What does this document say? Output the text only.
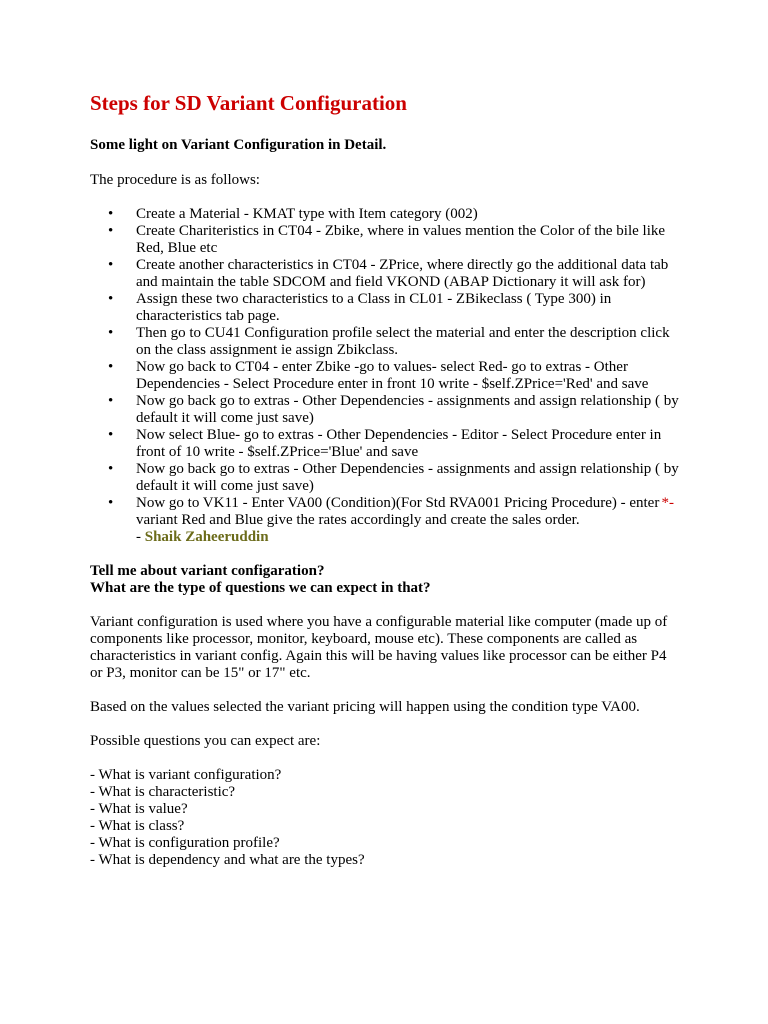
Steps for SD Variant Configuration
Some light on Variant Configuration in Detail.
The procedure is as follows:
• Create a Material - KMAT type with Item category (002)
• Create Chariteristics in CT04 - Zbike, where in values mention the Color of the bile like Red, Blue etc
• Create another characteristics in CT04 - ZPrice, where directly go the additional data tab and maintain the table SDCOM and field VKOND (ABAP Dictionary it will ask for)
• Assign these two characteristics to a Class in CL01 - ZBikeclass ( Type 300) in characteristics tab page.
• Then go to CU41 Configuration profile select the material and enter the description click on the class assignment ie assign Zbikclass.
• Now go back to CT04 - enter Zbike -go to values- select Red- go to extras - Other Dependencies - Select Procedure enter in front 10 write - $self.ZPrice='Red' and save
• Now go back go to extras - Other Dependencies - assignments and assign relationship ( by default it will come just save)
• Now select Blue- go to extras - Other Dependencies - Editor - Select Procedure enter in front of 10 write - $self.ZPrice='Blue' and save
• Now go back go to extras - Other Dependencies - assignments and assign relationship ( by default it will come just save)
• Now go to VK11 - Enter VA00 (Condition)(For Std RVA001 Pricing Procedure) - enter variant Red and Blue give the rates accordingly and create the sales order.
*-
- Shaik Zaheeruddin
Tell me about variant configaration?
What are the type of questions we can expect in that?
Variant configuration is used where you have a configurable material like computer (made up of components like processor, monitor, keyboard, mouse etc). These components are called as characteristics in variant config. Again this will be having values like processor can be either P4 or P3, monitor can be 15" or 17" etc.
Based on the values selected the variant pricing will happen using the condition type VA00.
Possible questions you can expect are:
- What is variant configuration?
- What is characteristic?
- What is value?
- What is class?
- What is configuration profile?
- What is dependency and what are the types?
